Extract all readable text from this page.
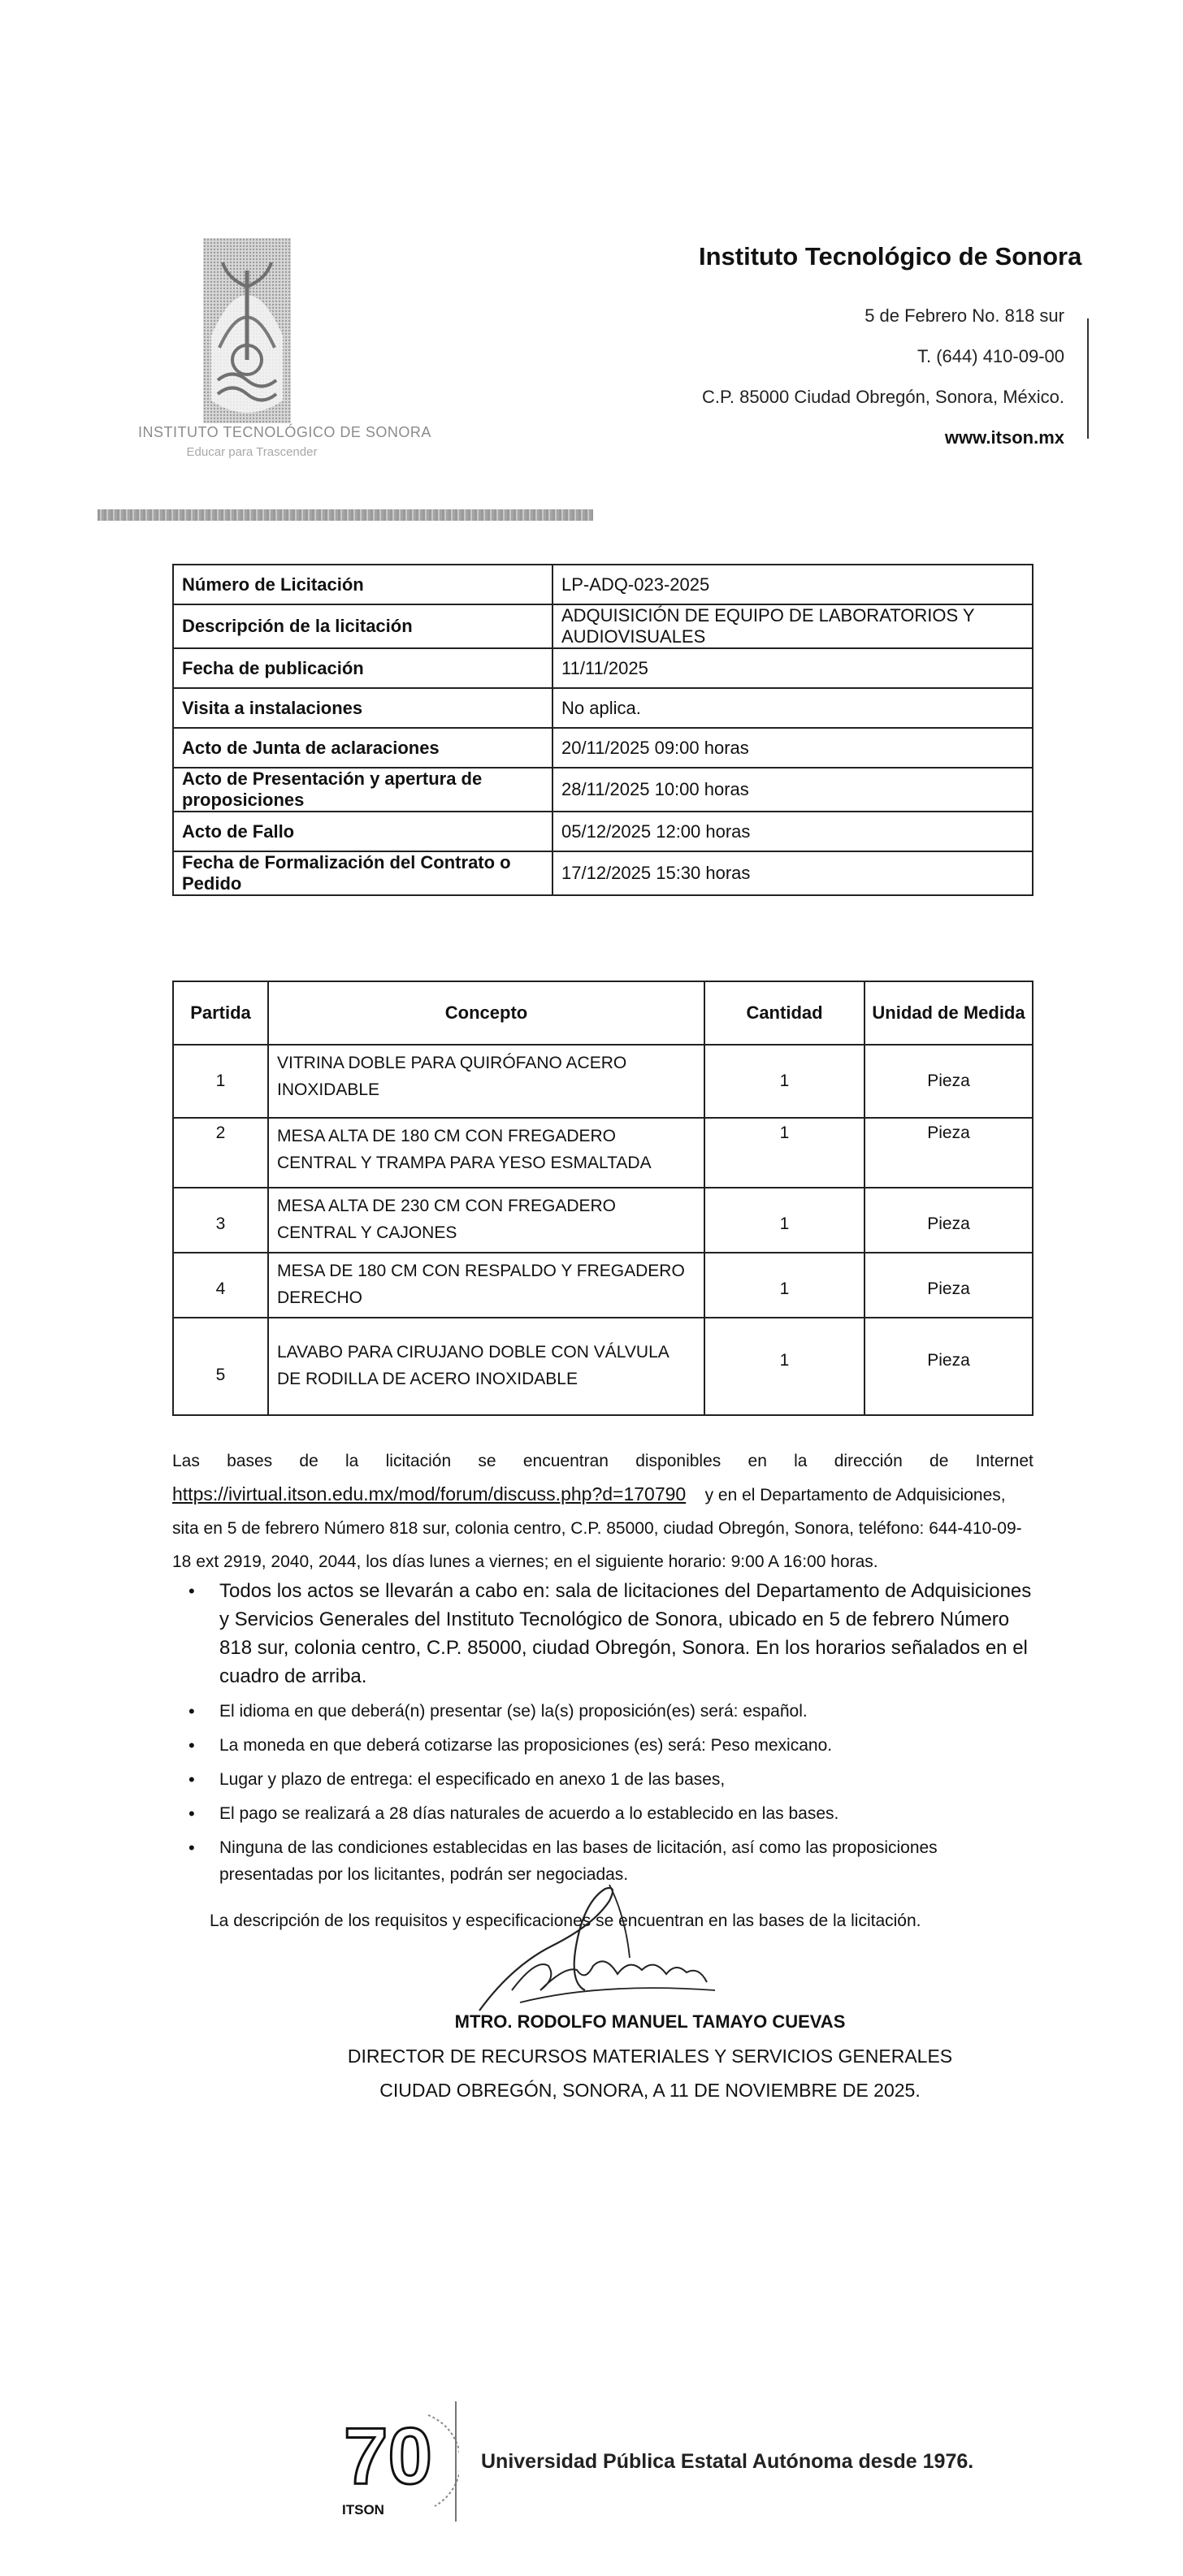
INSTITUTO TECNOLÓGICO DE SONORA
Educar para Trascender
Instituto Tecnológico de Sonora
5 de Febrero No. 818 sur
T. (644) 410-09-00
C.P. 85000 Ciudad Obregón, Sonora, México.
www.itson.mx
Número de Licitación	LP-ADQ-023-2025
Descripción de la licitación	ADQUISICIÓN DE EQUIPO DE LABORATORIOS Y AUDIOVISUALES
Fecha de publicación	11/11/2025
Visita a instalaciones	No aplica.
Acto de Junta de aclaraciones	20/11/2025 09:00 horas
Acto de Presentación y apertura de proposiciones	28/11/2025 10:00 horas
Acto de Fallo	05/12/2025 12:00 horas
Fecha de Formalización del Contrato o Pedido	17/12/2025 15:30 horas
Partida	Concepto	Cantidad	Unidad de Medida

1	VITRINA DOBLE PARA QUIRÓFANO ACERO INOXIDABLE	1	Pieza

2	MESA ALTA DE 180 CM CON FREGADERO CENTRAL Y TRAMPA PARA YESO ESMALTADA	1	Pieza

3	MESA ALTA DE 230 CM CON FREGADERO CENTRAL Y CAJONES	1	Pieza

4	MESA DE 180 CM CON RESPALDO Y FREGADERO DERECHO	1	Pieza

5	LAVABO PARA CIRUJANO DOBLE CON VÁLVULA DE RODILLA DE ACERO INOXIDABLE	1	Pieza
Las bases de la licitación se encuentran disponibles en la dirección de Internet
https://ivirtual.itson.edu.mx/mod/forum/discuss.php?d=170790 y en el Departamento de Adquisiciones, sita en 5 de febrero Número 818 sur, colonia centro, C.P. 85000, ciudad Obregón, Sonora, teléfono: 644-410-09-18 ext 2919, 2040, 2044, los días lunes a viernes; en el siguiente horario: 9:00 A 16:00 horas.
• Todos los actos se llevarán a cabo en: sala de licitaciones del Departamento de Adquisiciones y Servicios Generales del Instituto Tecnológico de Sonora, ubicado en 5 de febrero Número 818 sur, colonia centro, C.P. 85000, ciudad Obregón, Sonora. En los horarios señalados en el cuadro de arriba.
• El idioma en que deberá(n) presentar (se) la(s) proposición(es) será: español.
• La moneda en que deberá cotizarse las proposiciones (es) será: Peso mexicano.
• Lugar y plazo de entrega: el especificado en anexo 1 de las bases,
• El pago se realizará a 28 días naturales de acuerdo a lo establecido en las bases.
• Ninguna de las condiciones establecidas en las bases de licitación, así como las proposiciones presentadas por los licitantes, podrán ser negociadas.
La descripción de los requisitos y especificaciones se encuentran en las bases de la licitación.
MTRO. RODOLFO MANUEL TAMAYO CUEVAS
DIRECTOR DE RECURSOS MATERIALES Y SERVICIOS GENERALES
CIUDAD OBREGÓN, SONORA, A 11 DE NOVIEMBRE DE 2025.
70
ITSON
Universidad Pública Estatal Autónoma desde 1976.
